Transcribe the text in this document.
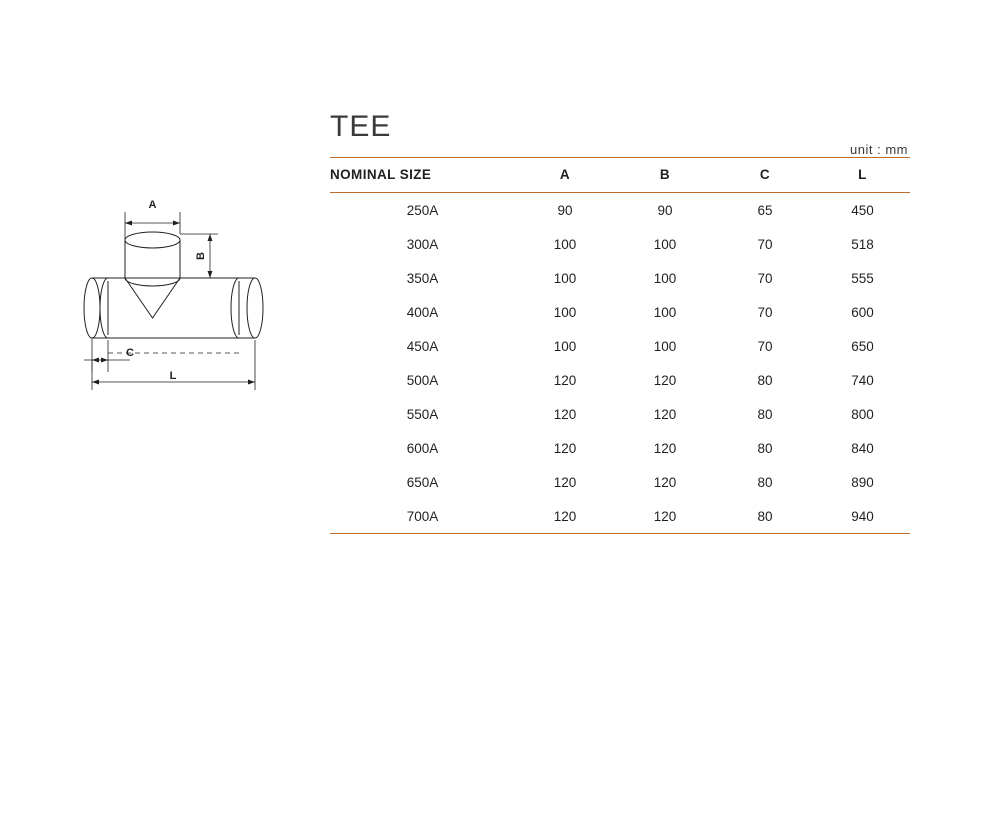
A
B
C
L
TEE
unit : mm
NOMINAL SIZE	A	B	C	L
250A	90	90	65	450
300A	100	100	70	518
350A	100	100	70	555
400A	100	100	70	600
450A	100	100	70	650
500A	120	120	80	740
550A	120	120	80	800
600A	120	120	80	840
650A	120	120	80	890
700A	120	120	80	940
